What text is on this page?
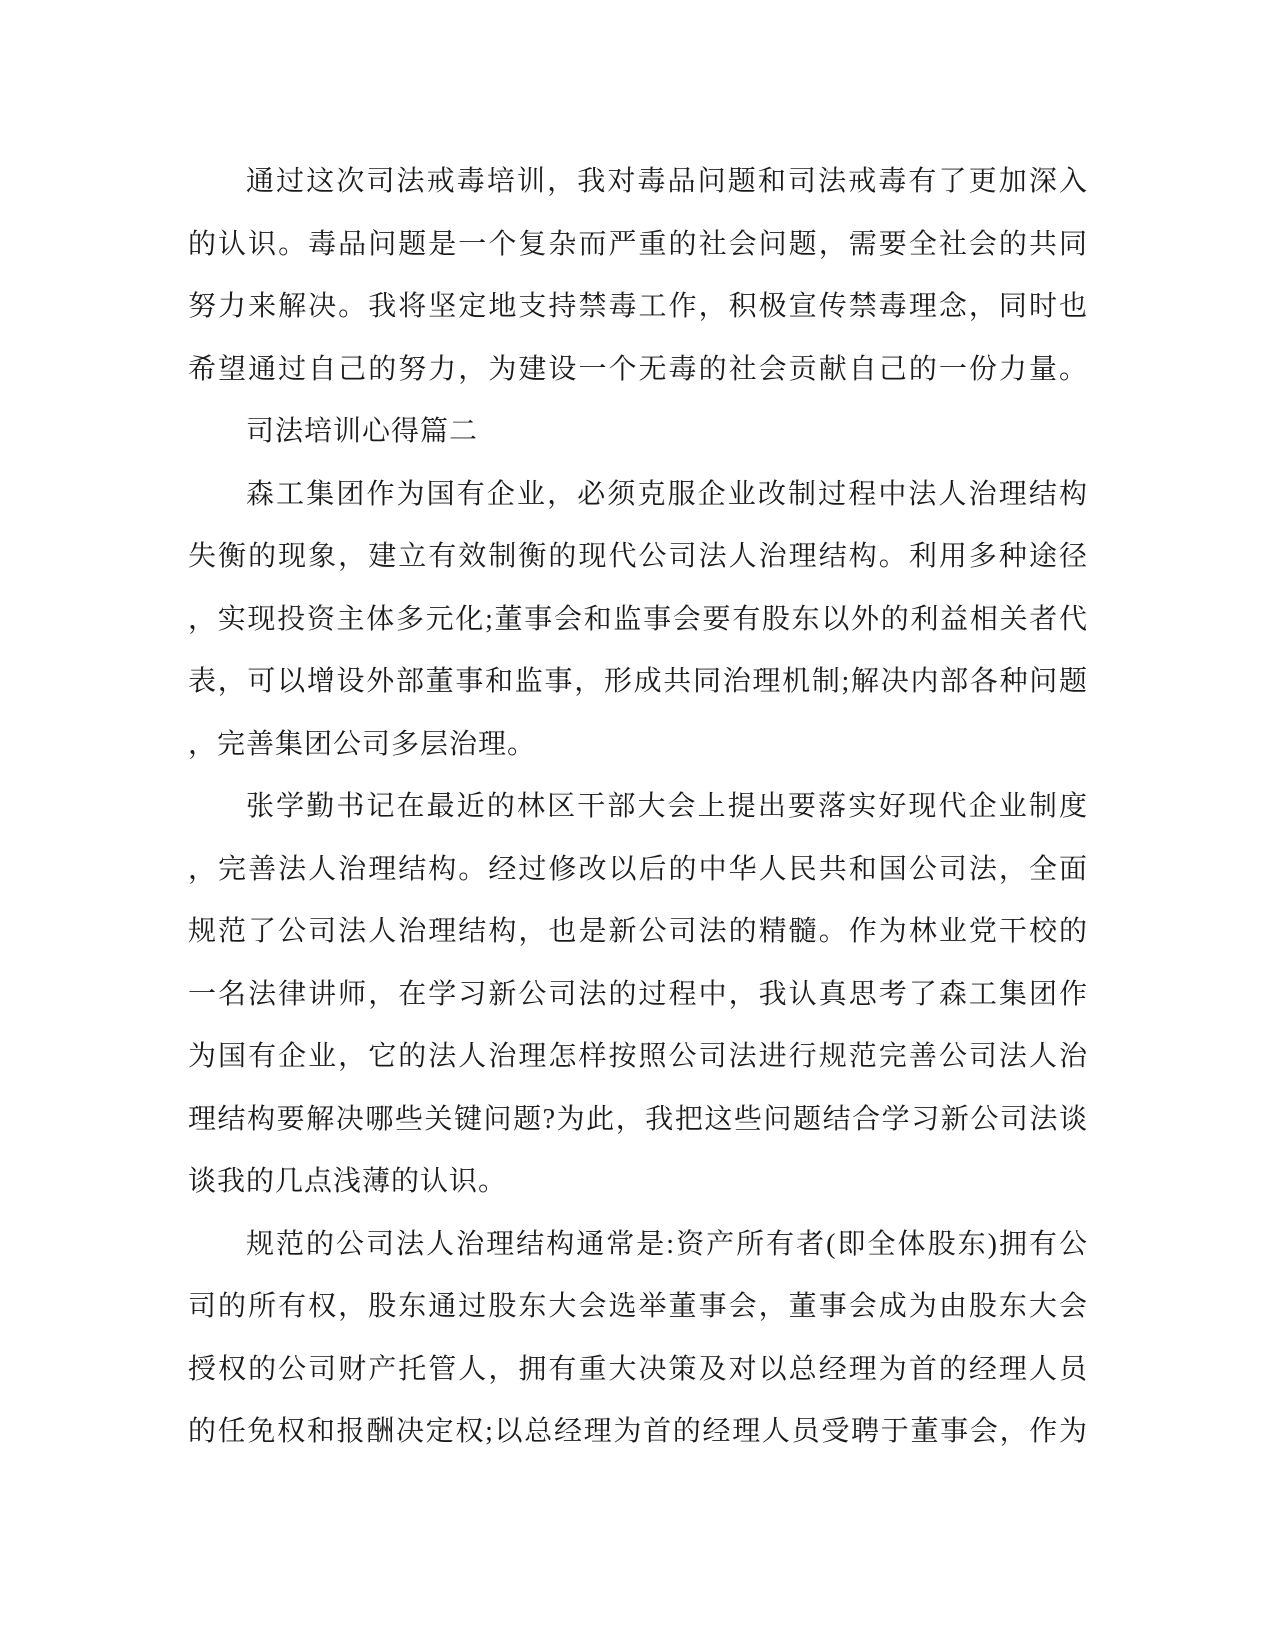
通过这次司法戒毒培训，我对毒品问题和司法戒毒有了更加深入
的认识。毒品问题是一个复杂而严重的社会问题，需要全社会的共同
努力来解决。我将坚定地支持禁毒工作，积极宣传禁毒理念，同时也
希望通过自己的努力，为建设一个无毒的社会贡献自己的一份力量。
司法培训心得篇二
森工集团作为国有企业，必须克服企业改制过程中法人治理结构
失衡的现象，建立有效制衡的现代公司法人治理结构。利用多种途径
，实现投资主体多元化;董事会和监事会要有股东以外的利益相关者代
表，可以增设外部董事和监事，形成共同治理机制;解决内部各种问题
，完善集团公司多层治理。
张学勤书记在最近的林区干部大会上提出要落实好现代企业制度
，完善法人治理结构。经过修改以后的中华人民共和国公司法，全面
规范了公司法人治理结构，也是新公司法的精髓。作为林业党干校的
一名法律讲师，在学习新公司法的过程中，我认真思考了森工集团作
为国有企业，它的法人治理怎样按照公司法进行规范完善公司法人治
理结构要解决哪些关键问题?为此，我把这些问题结合学习新公司法谈
谈我的几点浅薄的认识。
规范的公司法人治理结构通常是:资产所有者(即全体股东)拥有公
司的所有权，股东通过股东大会选举董事会，董事会成为由股东大会
授权的公司财产托管人，拥有重大决策及对以总经理为首的经理人员
的任免权和报酬决定权;以总经理为首的经理人员受聘于董事会，作为
